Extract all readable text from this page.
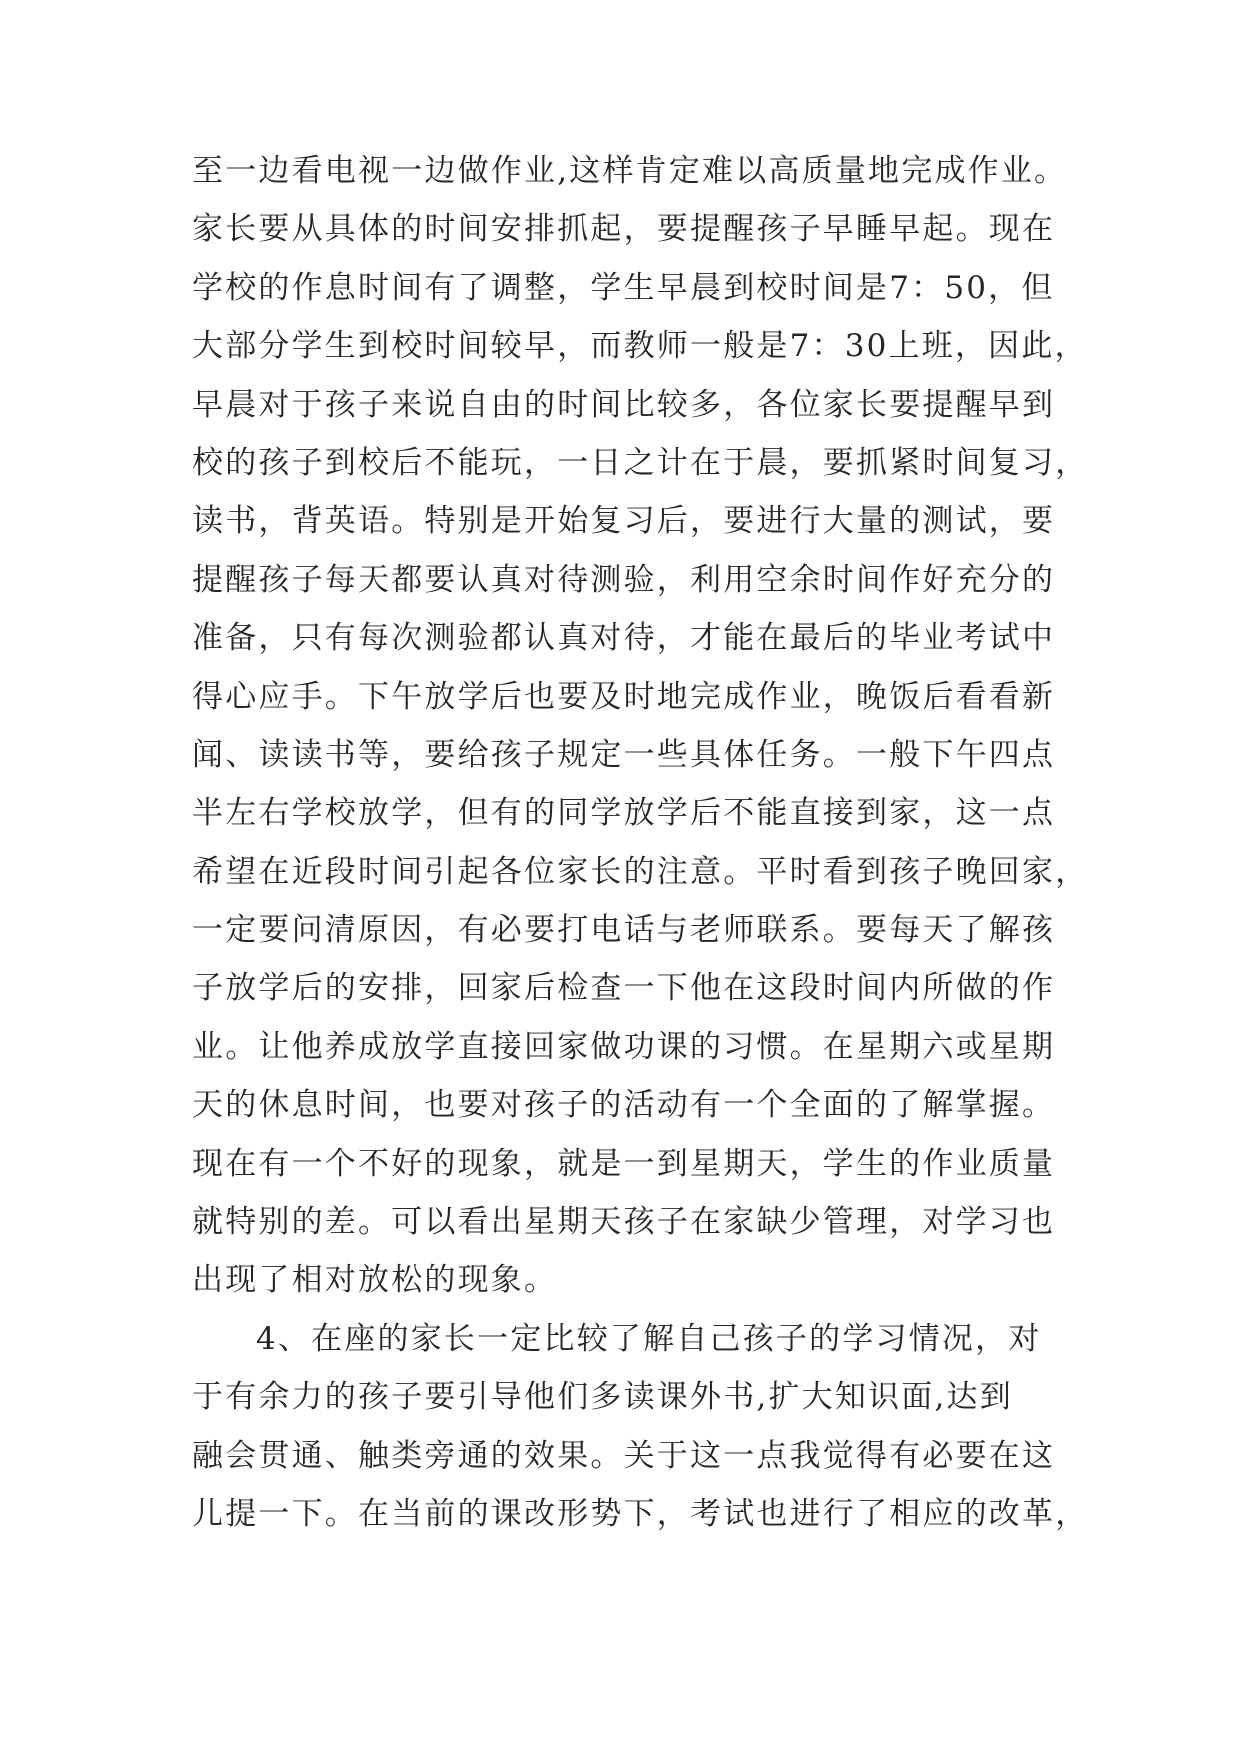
至一边看电视一边做作业,这样肯定难以高质量地完成作业。
家长要从具体的时间安排抓起，要提醒孩子早睡早起。现在
学校的作息时间有了调整，学生早晨到校时间是7：50，但
大部分学生到校时间较早，而教师一般是7：30上班，因此，
早晨对于孩子来说自由的时间比较多，各位家长要提醒早到
校的孩子到校后不能玩，一日之计在于晨，要抓紧时间复习，
读书，背英语。特别是开始复习后，要进行大量的测试，要
提醒孩子每天都要认真对待测验，利用空余时间作好充分的
准备，只有每次测验都认真对待，才能在最后的毕业考试中
得心应手。下午放学后也要及时地完成作业，晚饭后看看新
闻、读读书等，要给孩子规定一些具体任务。一般下午四点
半左右学校放学，但有的同学放学后不能直接到家，这一点
希望在近段时间引起各位家长的注意。平时看到孩子晚回家，
一定要问清原因，有必要打电话与老师联系。要每天了解孩
子放学后的安排，回家后检查一下他在这段时间内所做的作
业。让他养成放学直接回家做功课的习惯。在星期六或星期
天的休息时间，也要对孩子的活动有一个全面的了解掌握。
现在有一个不好的现象，就是一到星期天，学生的作业质量
就特别的差。可以看出星期天孩子在家缺少管理，对学习也
出现了相对放松的现象。
4、在座的家长一定比较了解自己孩子的学习情况，对
于有余力的孩子要引导他们多读课外书,扩大知识面,达到
融会贯通、触类旁通的效果。关于这一点我觉得有必要在这
儿提一下。在当前的课改形势下，考试也进行了相应的改革，
